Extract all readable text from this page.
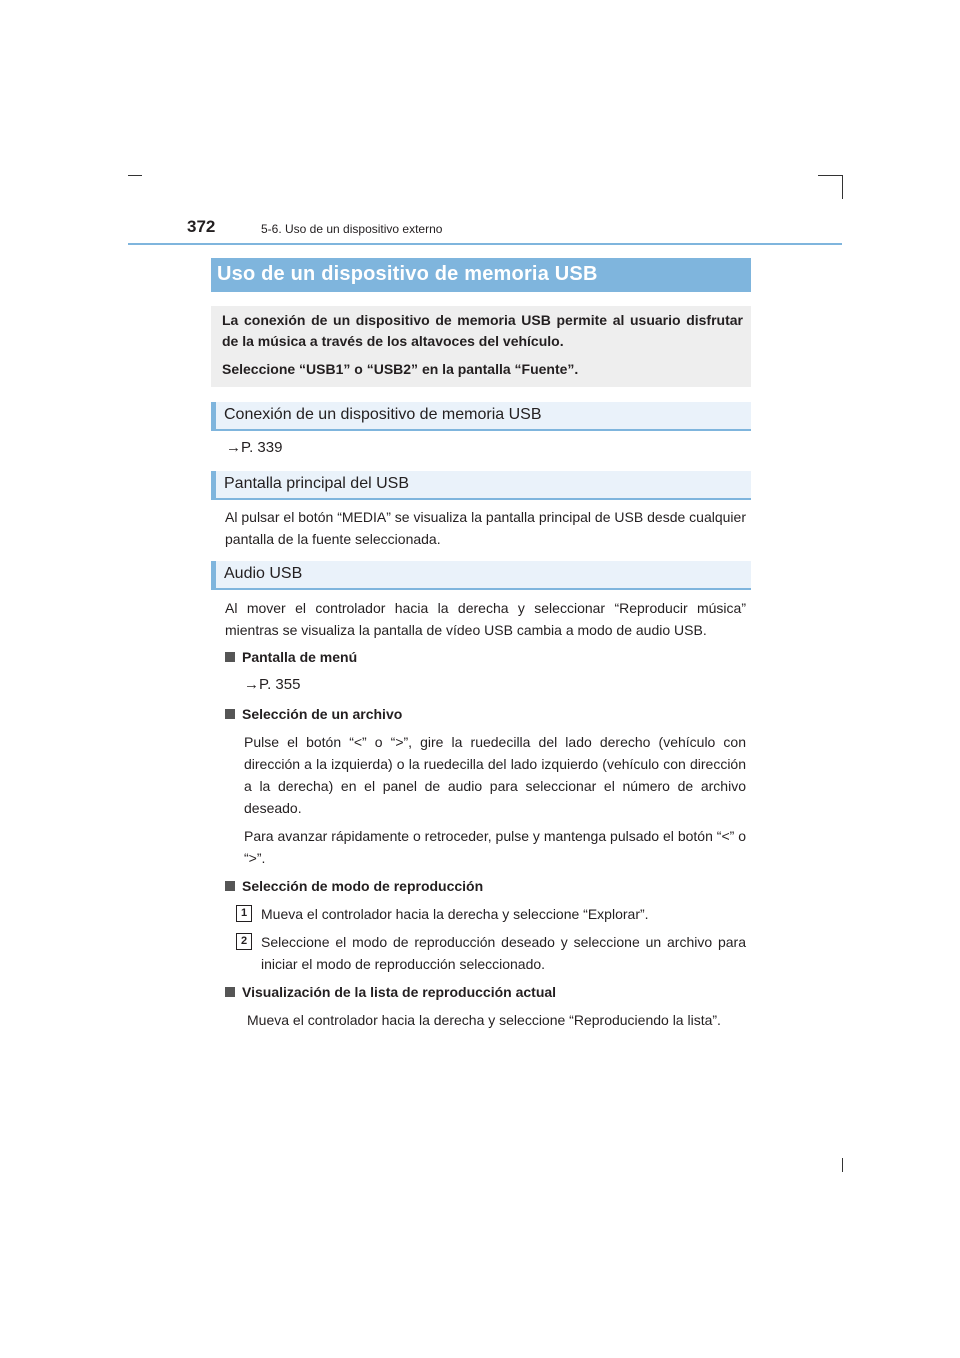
372	5-6. Uso de un dispositivo externo
Uso de un dispositivo de memoria USB

La conexión de un dispositivo de memoria USB permite al usuario disfrutar de la música a través de los altavoces del vehículo.

Seleccione “USB1” o “USB2” en la pantalla “Fuente”.

Conexión de un dispositivo de memoria USB
→P. 339
Pantalla principal del USB
Al pulsar el botón “MEDIA” se visualiza la pantalla principal de USB desde cualquier pantalla de la fuente seleccionada.
Audio USB
Al mover el controlador hacia la derecha y seleccionar “Reproducir música” mientras se visualiza la pantalla de vídeo USB cambia a modo de audio USB.
Pantalla de menú
→P. 355
Selección de un archivo
Pulse el botón “<” o “>”, gire la ruedecilla del lado derecho (vehículo con dirección a la izquierda) o la ruedecilla del lado izquierdo (vehículo con dirección a la derecha) en el panel de audio para seleccionar el número de archivo deseado.
Para avanzar rápidamente o retroceder, pulse y mantenga pulsado el botón “<” o “>”.
Selección de modo de reproducción
1 Mueva el controlador hacia la derecha y seleccione “Explorar”.
2 Seleccione el modo de reproducción deseado y seleccione un archivo para iniciar el modo de reproducción seleccionado.
Visualización de la lista de reproducción actual
Mueva el controlador hacia la derecha y seleccione “Reproduciendo la lista”.
